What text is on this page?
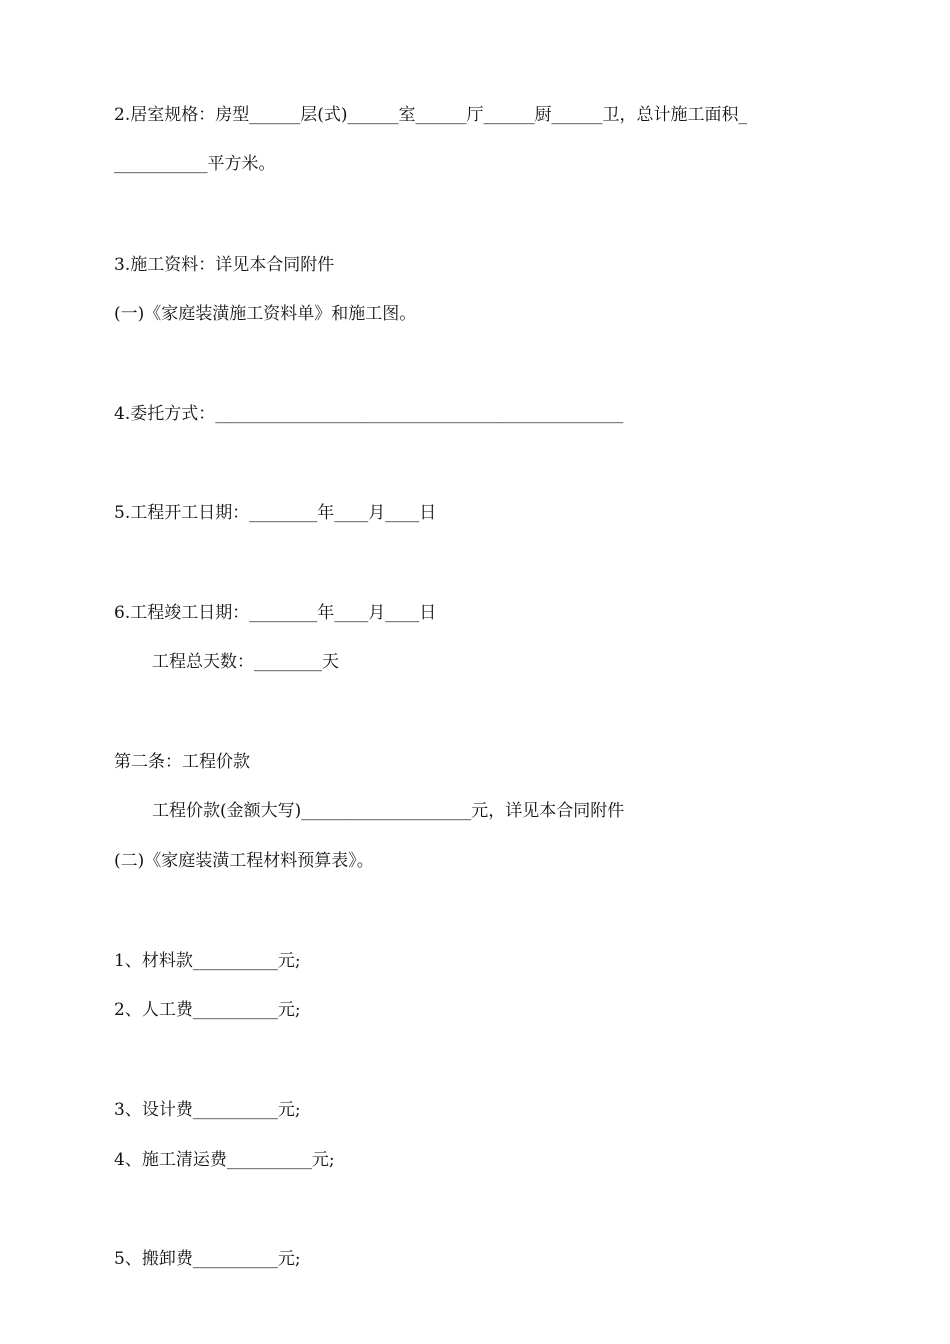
2.居室规格：房型______层(式)______室______厅______厨______卫，总计施工面积_
___________平方米。
3.施工资料：详见本合同附件
(一)《家庭装潢施工资料单》和施工图。
4.委托方式：________________________________________________
5.工程开工日期：________年____月____日
6.工程竣工日期：________年____月____日
工程总天数：________天
第二条：工程价款
工程价款(金额大写)____________________元，详见本合同附件
(二)《家庭装潢工程材料预算表》。
1、材料款__________元;
2、人工费__________元;
3、设计费__________元;
4、施工清运费__________元;
5、搬卸费__________元;
